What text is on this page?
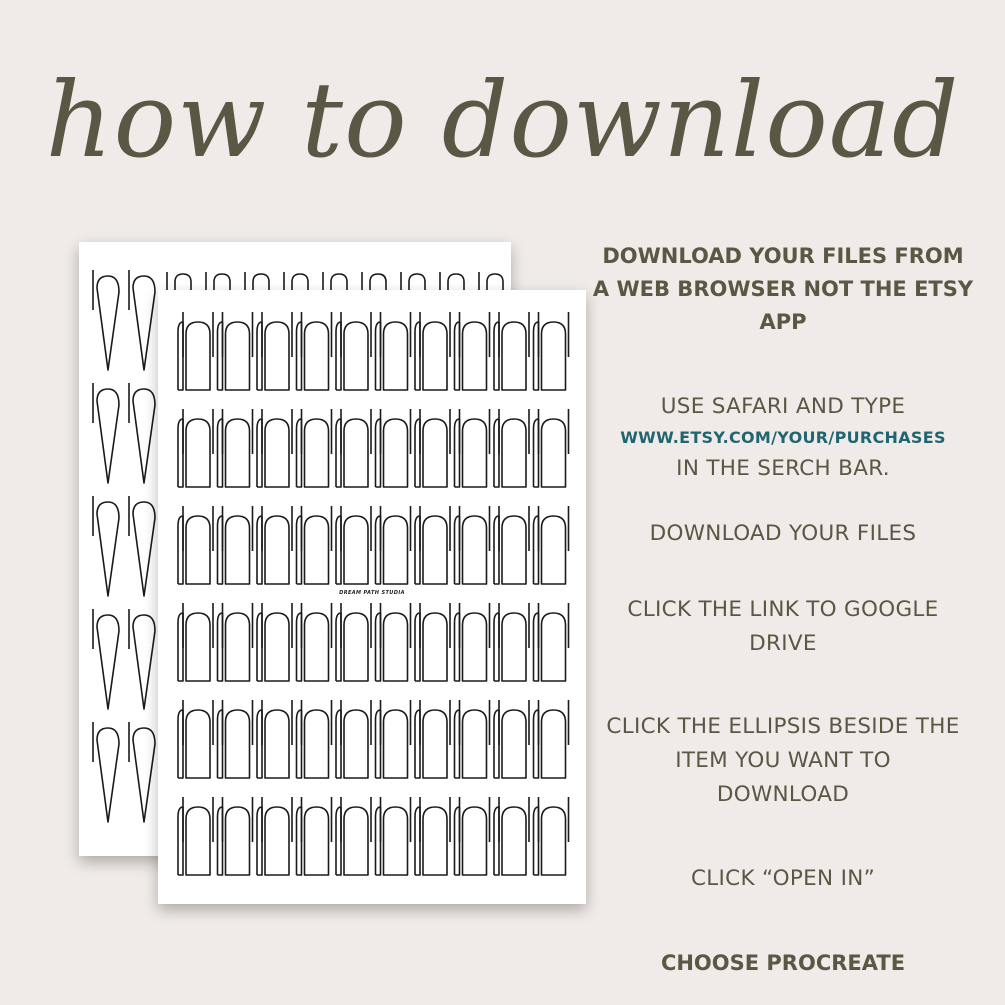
how to download
DREAM PATH STUDIA
DOWNLOAD YOUR FILES FROM
A WEB BROWSER NOT THE ETSY
APP
USE SAFARI AND TYPE
WWW.ETSY.COM/YOUR/PURCHASES
IN THE SERCH BAR.
DOWNLOAD YOUR FILES
CLICK THE LINK TO GOOGLE
DRIVE
CLICK THE ELLIPSIS BESIDE THE
ITEM YOU WANT TO
DOWNLOAD
CLICK “OPEN IN”
CHOOSE PROCREATE
